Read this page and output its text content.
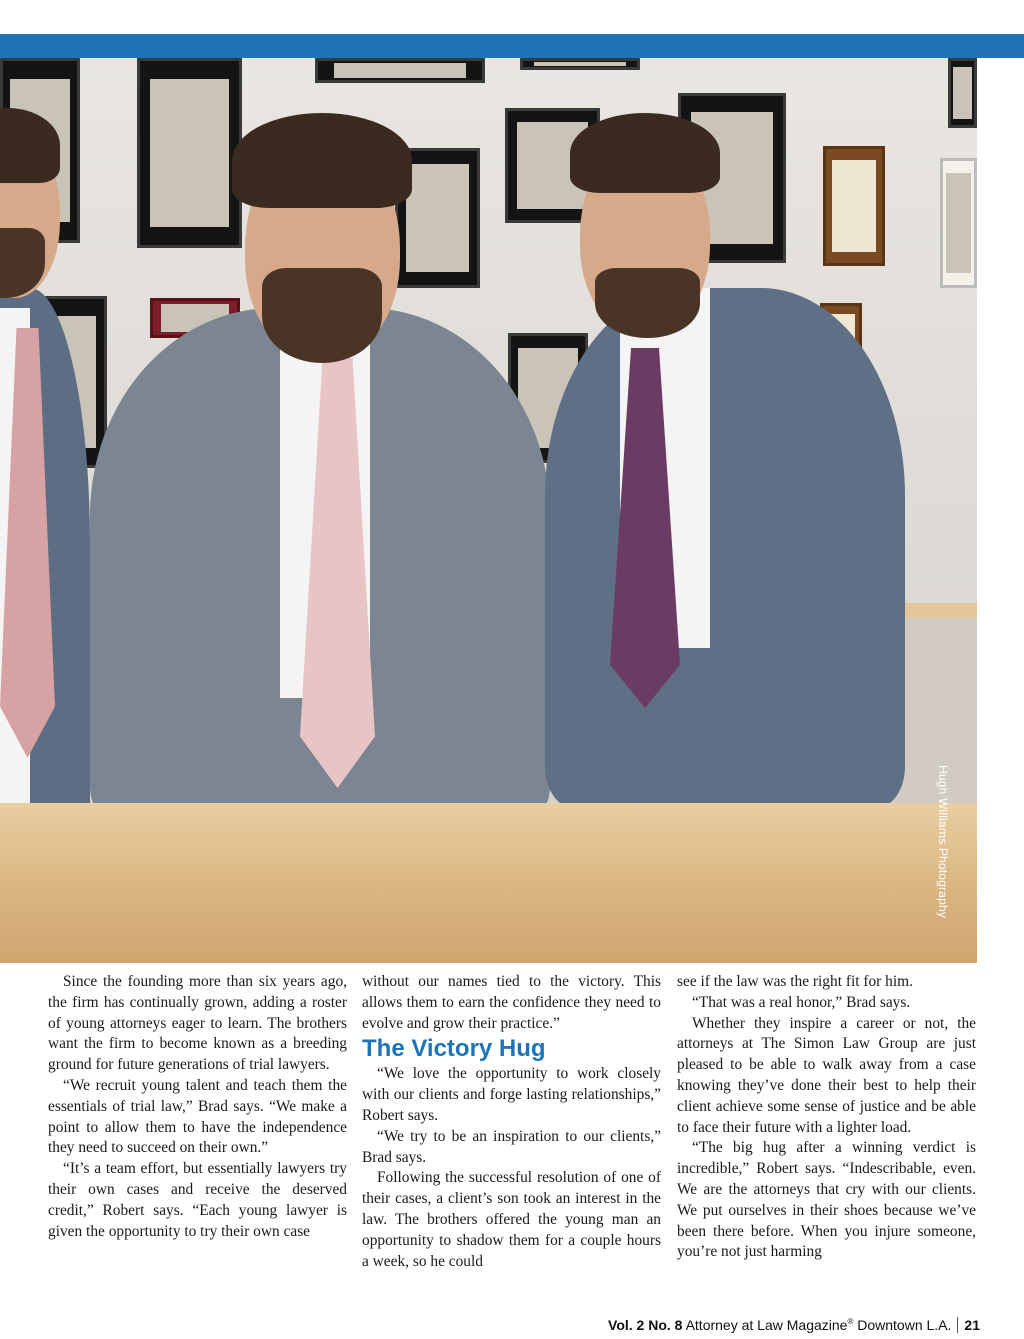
Hugh Williams Photography

Since the founding more than six years ago, the firm has continually grown, adding a roster of young attorneys eager to learn. The brothers want the firm to become known as a breeding ground for future generations of trial lawyers.

“We recruit young talent and teach them the essentials of trial law,” Brad says. “We make a point to allow them to have the independence they need to succeed on their own.”

“It’s a team effort, but essentially lawyers try their own cases and receive the deserved credit,” Robert says. “Each young lawyer is given the opportunity to try their own case

without our names tied to the victory. This allows them to earn the confidence they need to evolve and grow their practice.”

The Victory Hug

“We love the opportunity to work closely with our clients and forge lasting relationships,” Robert says.

“We try to be an inspiration to our clients,” Brad says.

Following the successful resolution of one of their cases, a client’s son took an interest in the law. The brothers offered the young man an opportunity to shadow them for a couple hours a week, so he could

see if the law was the right fit for him.

“That was a real honor,” Brad says.

Whether they inspire a career or not, the attorneys at The Simon Law Group are just pleased to be able to walk away from a case knowing they’ve done their best to help their client achieve some sense of justice and be able to face their future with a lighter load.

“The big hug after a winning verdict is incredible,” Robert says. “Indescribable, even. We are the attorneys that cry with our clients. We put ourselves in their shoes because we’ve been there before. When you injure someone, you’re not just harming

Vol. 2 No. 8 Attorney at Law Magazine® Downtown L.A. 21
